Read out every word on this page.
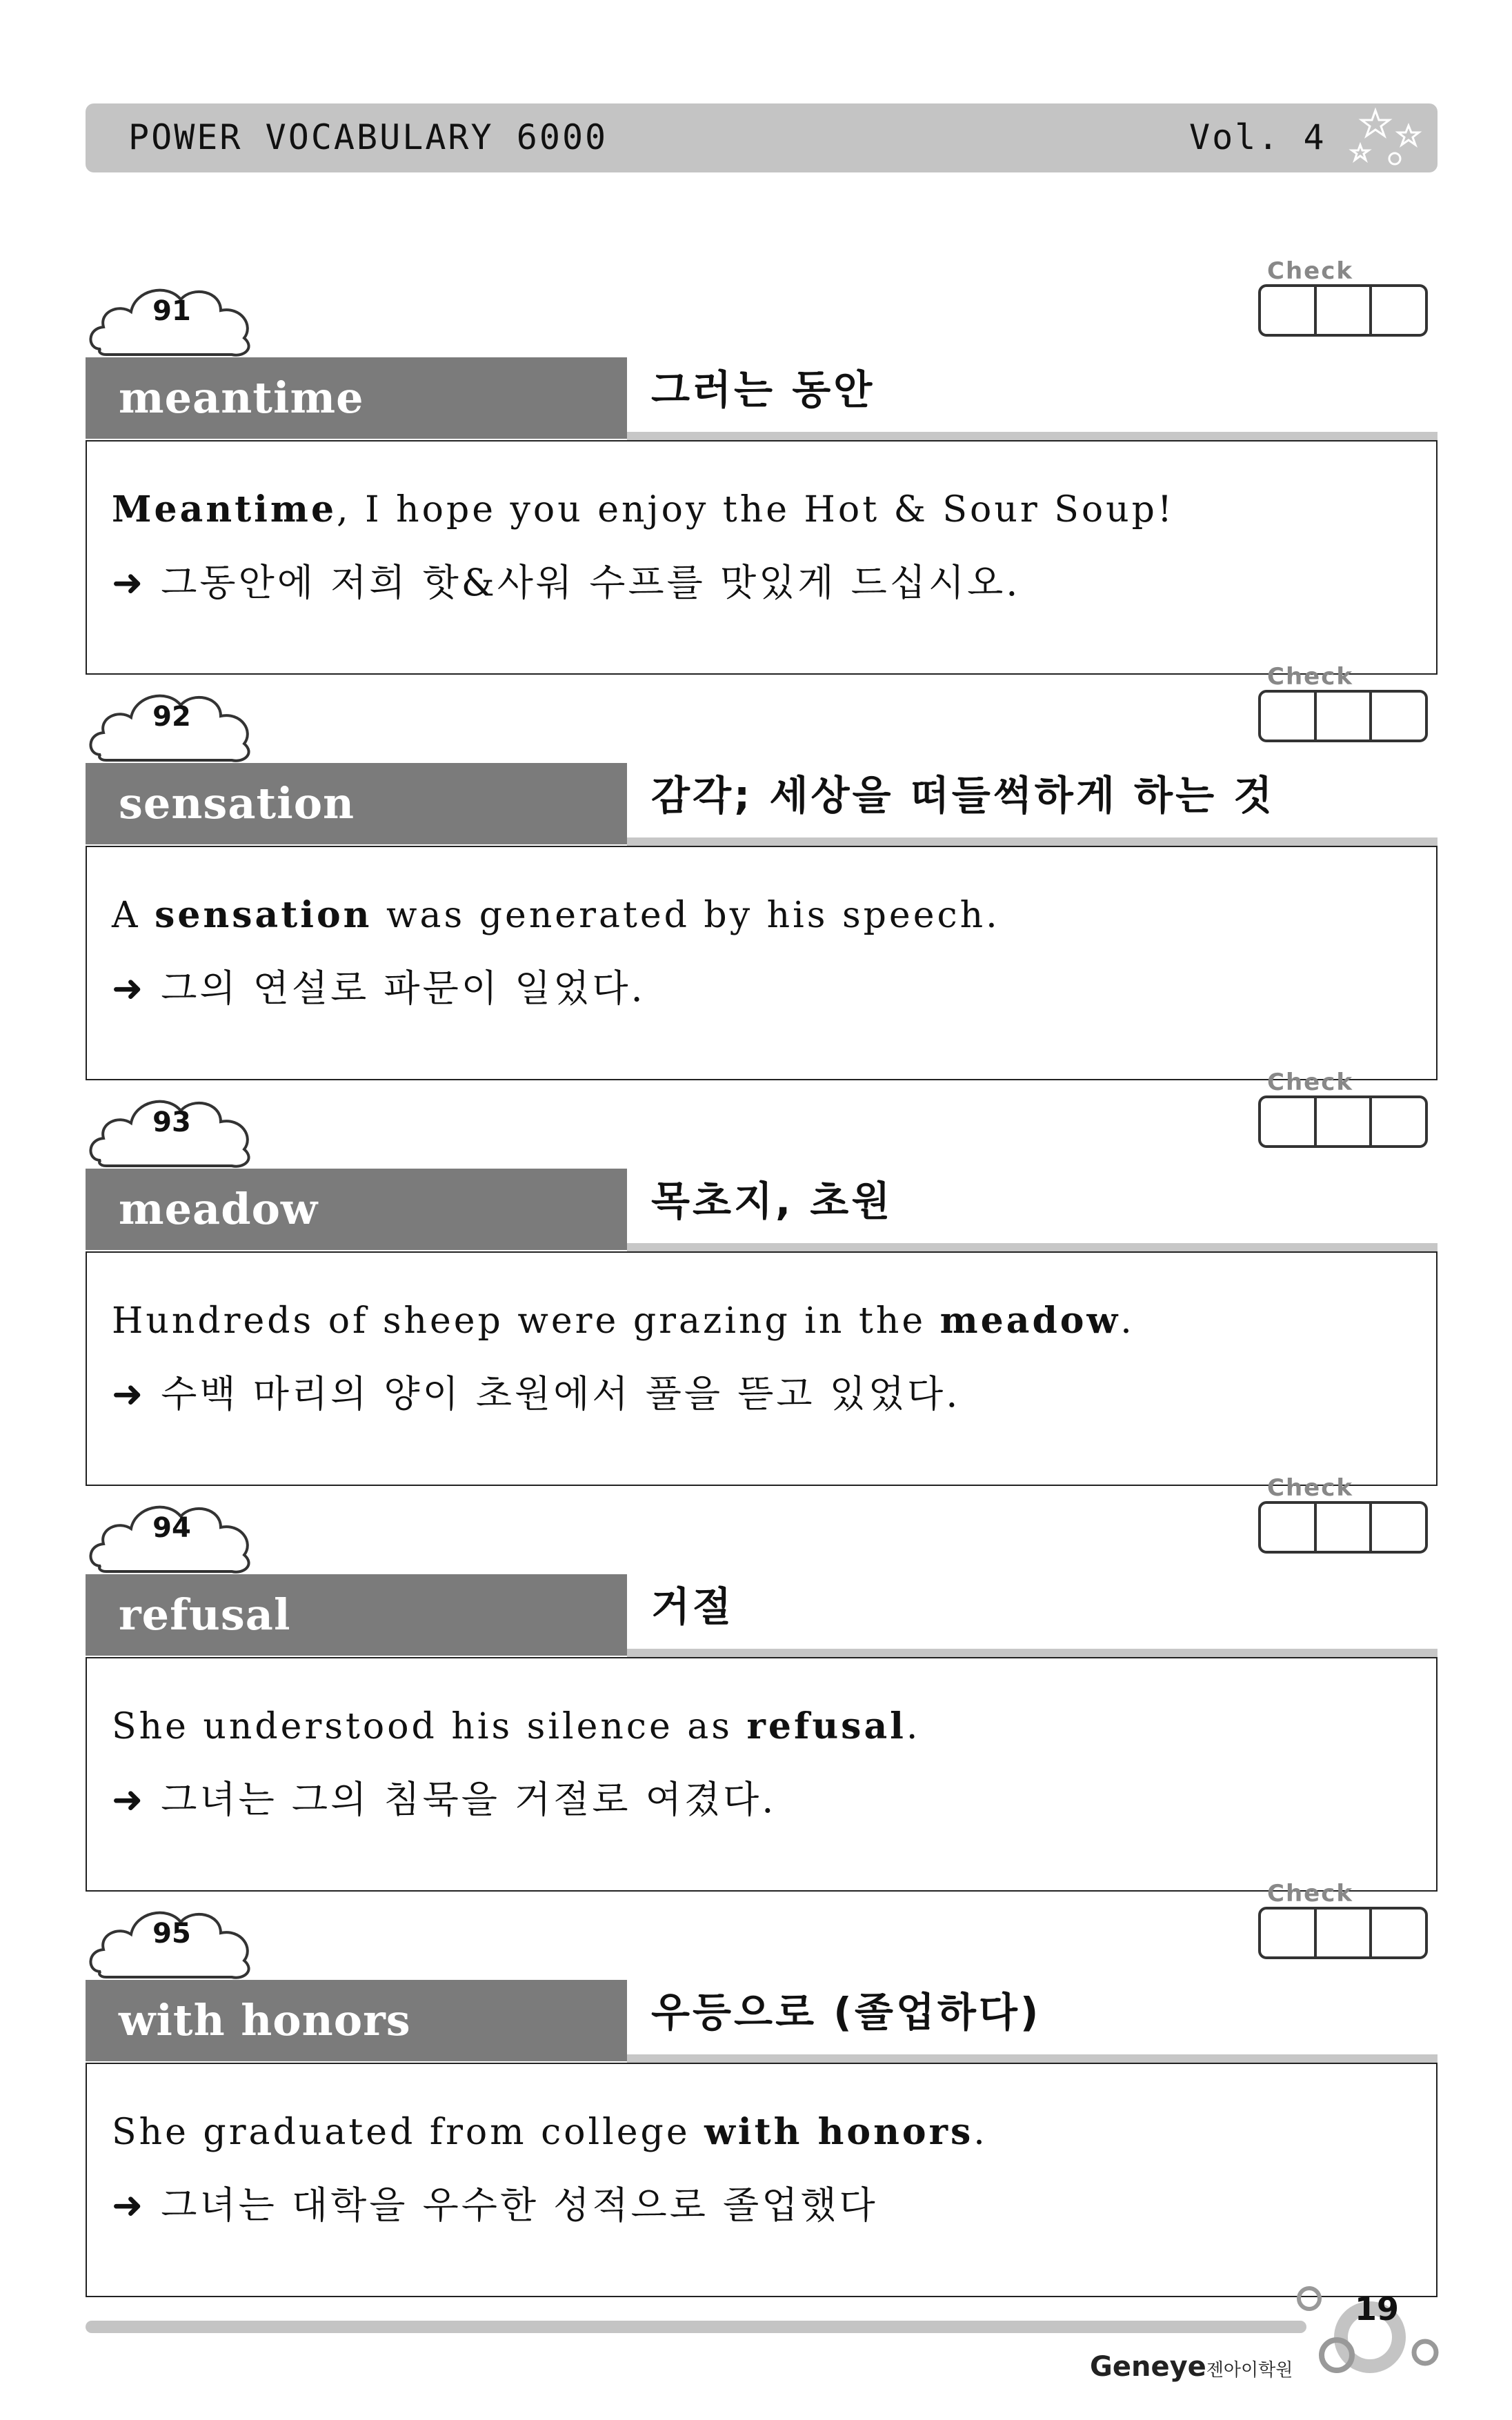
POWER VOCABULARY 6000	Vol. 4
91
meantime	그러는 동안
Check
Meantime, I hope you enjoy the Hot & Sour Soup!
➜ 그동안에 저희 핫&사워 수프를 맛있게 드십시오.
92
sensation	감각; 세상을 떠들썩하게 하는 것
Check
A sensation was generated by his speech.
➜ 그의 연설로 파문이 일었다.
93
meadow	목초지, 초원
Check
Hundreds of sheep were grazing in the meadow.
➜ 수백 마리의 양이 초원에서 풀을 뜯고 있었다.
94
refusal	거절
Check
She understood his silence as refusal.
➜ 그녀는 그의 침묵을 거절로 여겼다.
95
with honors	우등으로 (졸업하다)
Check
She graduated from college with honors.
➜ 그녀는 대학을 우수한 성적으로 졸업했다
19
Geneye젠아이학원
